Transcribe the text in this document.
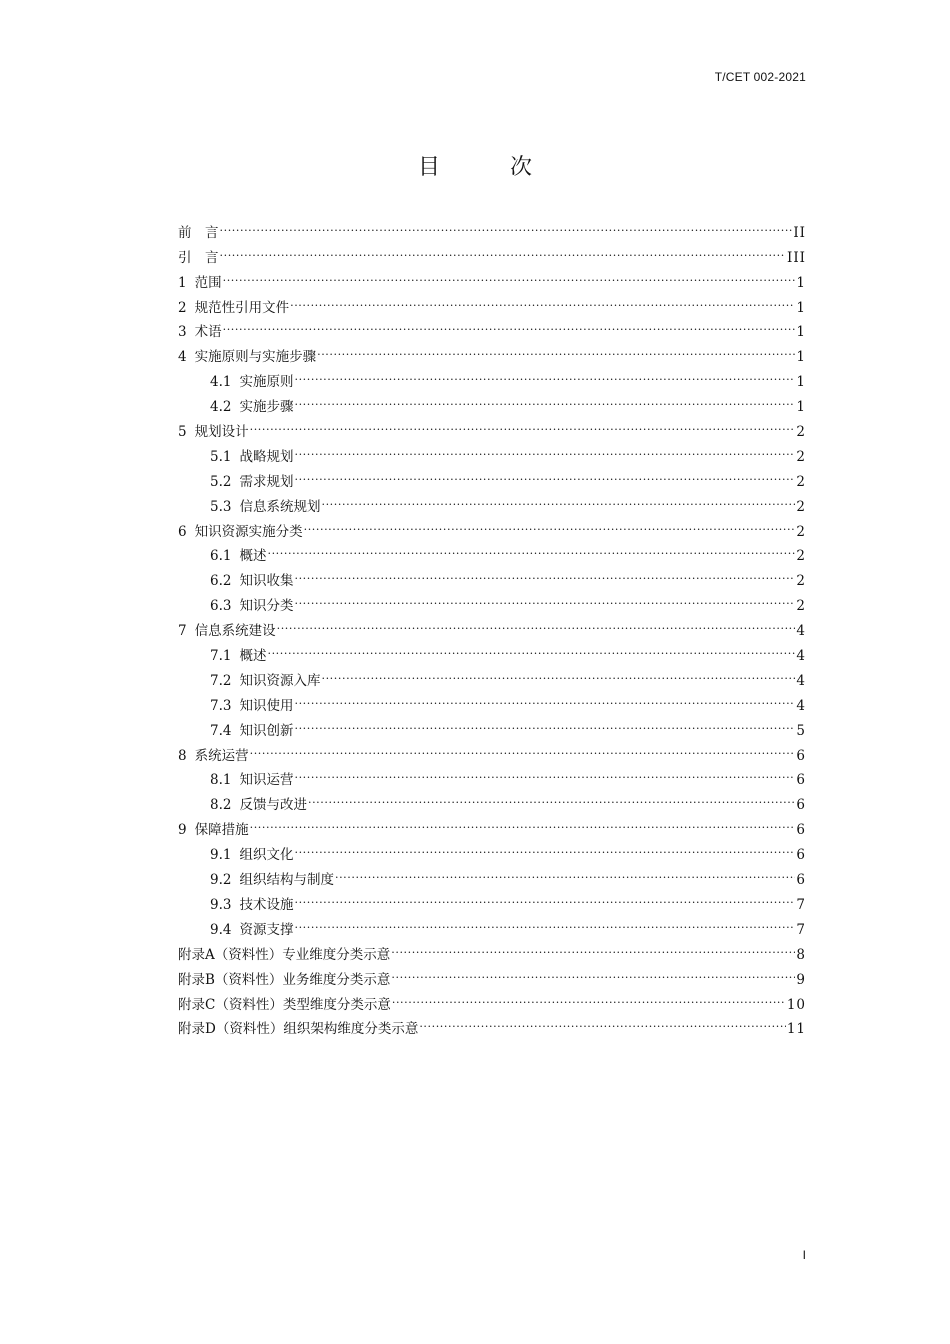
T/CET 002-2021
目　次
前　言 .....	II
引　言 .....	III
1 范围 .....	1
2 规范性引用文件 .....	1
3 术语 .....	1
4 实施原则与实施步骤 .....	1
4.1 实施原则 .....	1
4.2 实施步骤 .....	1
5 规划设计 .....	2
5.1 战略规划 .....	2
5.2 需求规划 .....	2
5.3 信息系统规划 .....	2
6 知识资源实施分类 .....	2
6.1 概述 .....	2
6.2 知识收集 .....	2
6.3 知识分类 .....	2
7 信息系统建设 .....	4
7.1 概述 .....	4
7.2 知识资源入库 .....	4
7.3 知识使用 .....	4
7.4 知识创新 .....	5
8 系统运营 .....	6
8.1 知识运营 .....	6
8.2 反馈与改进 .....	6
9 保障措施 .....	6
9.1 组织文化 .....	6
9.2 组织结构与制度 .....	6
9.3 技术设施 .....	7
9.4 资源支撑 .....	7
附录A（资料性）专业维度分类示意 .....	8
附录B（资料性）业务维度分类示意 .....	9
附录C（资料性）类型维度分类示意 .....	10
附录D（资料性）组织架构维度分类示意 .....	11
I
